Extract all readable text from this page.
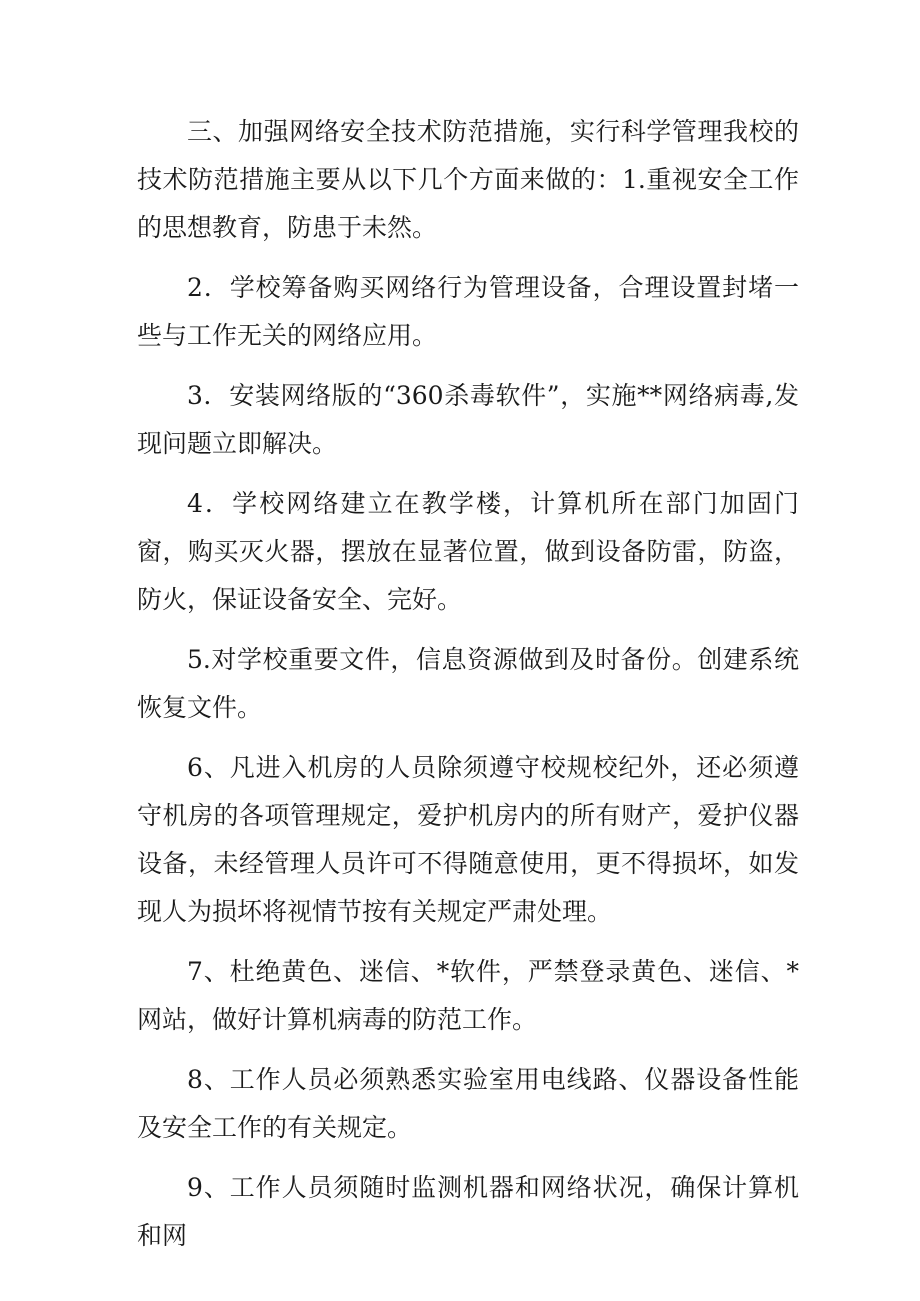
三、加强网络安全技术防范措施，实行科学管理我校的技术防范措施主要从以下几个方面来做的：1.重视安全工作的思想教育，防患于未然。

2．学校筹备购买网络行为管理设备，合理设置封堵一些与工作无关的网络应用。

3．安装网络版的“360杀毒软件”，实施**网络病毒,发现问题立即解决。

4．学校网络建立在教学楼，计算机所在部门加固门窗，购买灭火器，摆放在显著位置，做到设备防雷，防盗，防火，保证设备安全、完好。

5.对学校重要文件，信息资源做到及时备份。创建系统恢复文件。

6、凡进入机房的人员除须遵守校规校纪外，还必须遵守机房的各项管理规定，爱护机房内的所有财产，爱护仪器设备，未经管理人员许可不得随意使用，更不得损坏，如发现人为损坏将视情节按有关规定严肃处理。

7、杜绝黄色、迷信、*软件，严禁登录黄色、迷信、*网站，做好计算机病毒的防范工作。

8、工作人员必须熟悉实验室用电线路、仪器设备性能及安全工作的有关规定。

9、工作人员须随时监测机器和网络状况，确保计算机和网
